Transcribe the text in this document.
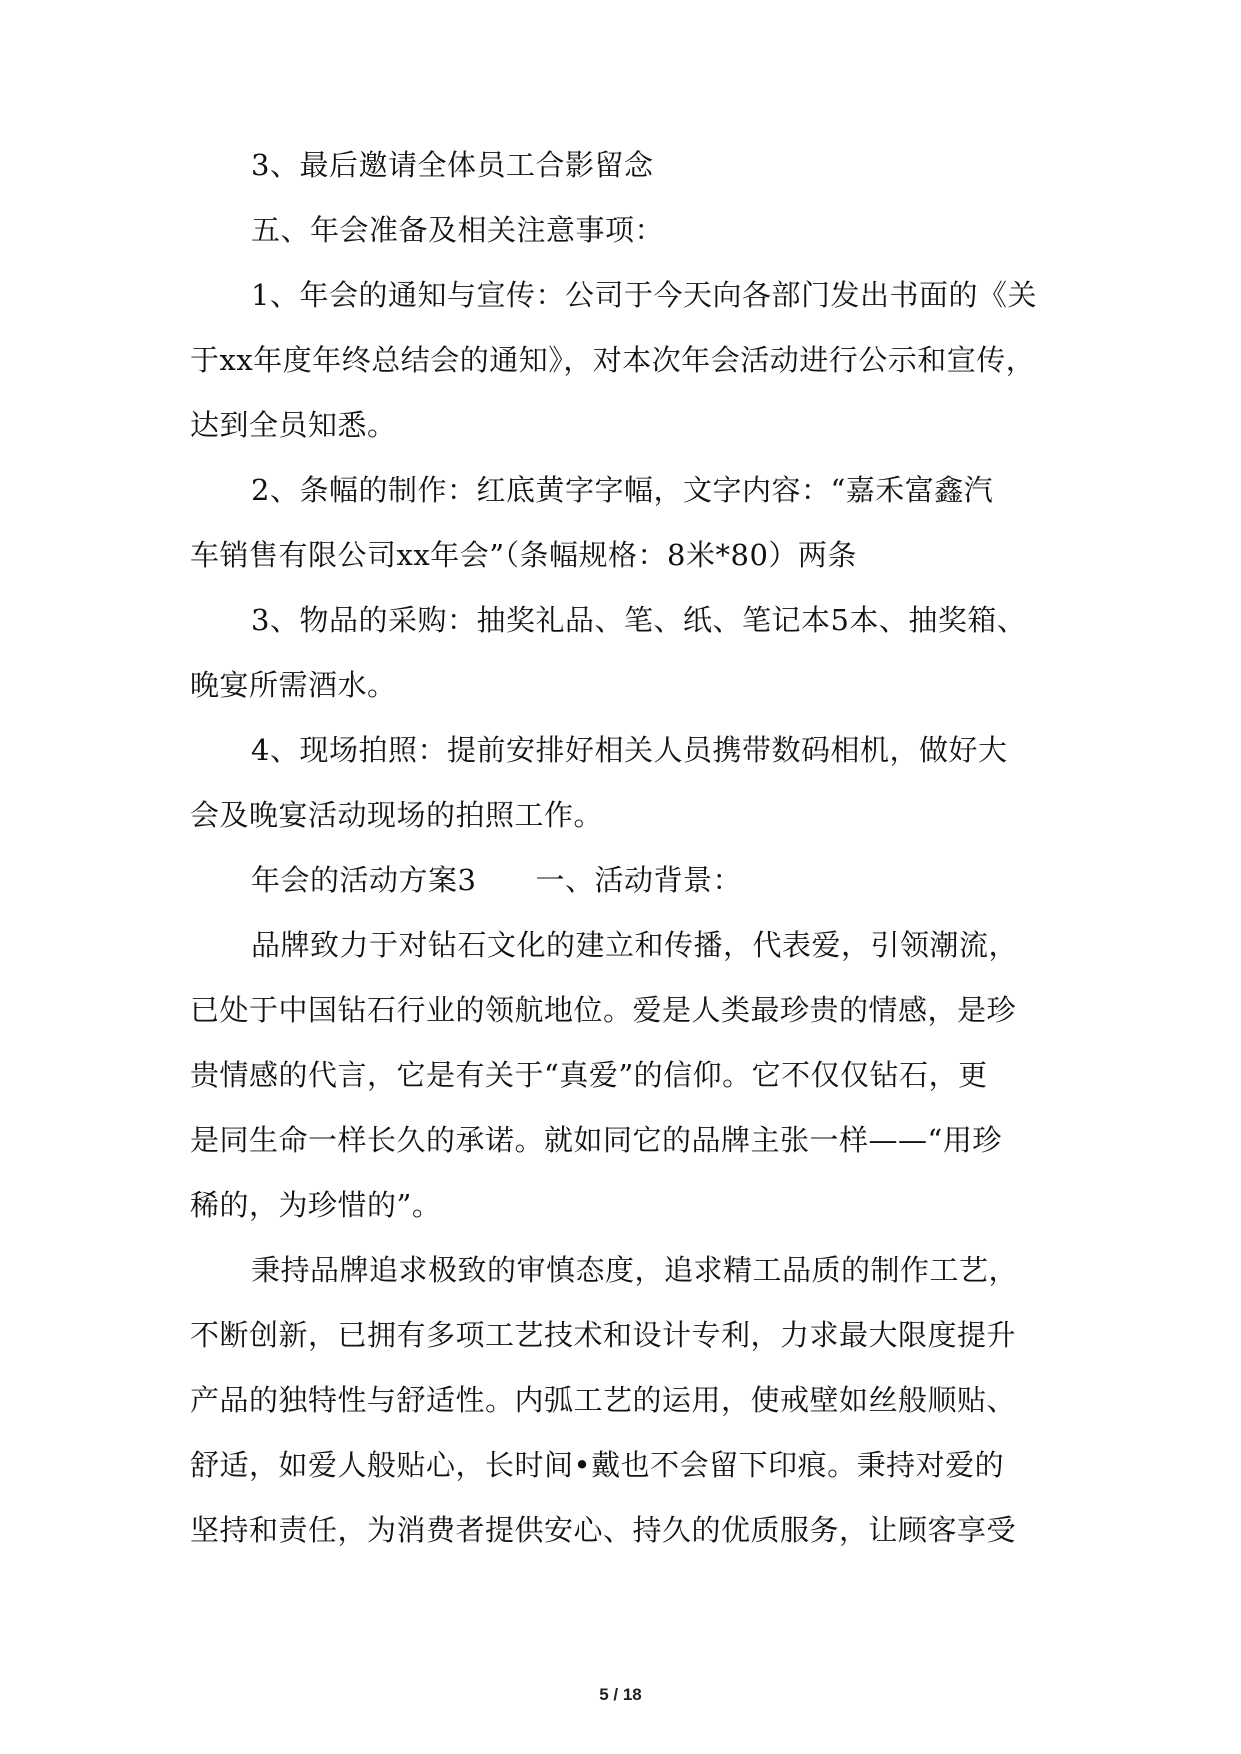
3、最后邀请全体员工合影留念
五、年会准备及相关注意事项：
1、年会的通知与宣传：公司于今天向各部门发出书面的《关
于xx年度年终总结会的通知》，对本次年会活动进行公示和宣传，
达到全员知悉。
2、条幅的制作：红底黄字字幅，文字内容：“嘉禾富鑫汽
车销售有限公司xx年会”（条幅规格：8米*80）两条
3、物品的采购：抽奖礼品、笔、纸、笔记本5本、抽奖箱、
晚宴所需酒水。
4、现场拍照：提前安排好相关人员携带数码相机，做好大
会及晚宴活动现场的拍照工作。
年会的活动方案3　　一、活动背景：
品牌致力于对钻石文化的建立和传播，代表爱，引领潮流，
已处于中国钻石行业的领航地位。爱是人类最珍贵的情感，是珍
贵情感的代言，它是有关于“真爱”的信仰。它不仅仅钻石，更
是同生命一样长久的承诺。就如同它的品牌主张一样——“用珍
稀的，为珍惜的”。
秉持品牌追求极致的审慎态度，追求精工品质的制作工艺，
不断创新，已拥有多项工艺技术和设计专利，力求最大限度提升
产品的独特性与舒适性。内弧工艺的运用，使戒壁如丝般顺贴、
舒适，如爱人般贴心，长时间•戴也不会留下印痕。秉持对爱的
坚持和责任，为消费者提供安心、持久的优质服务，让顾客享受
5 / 18
